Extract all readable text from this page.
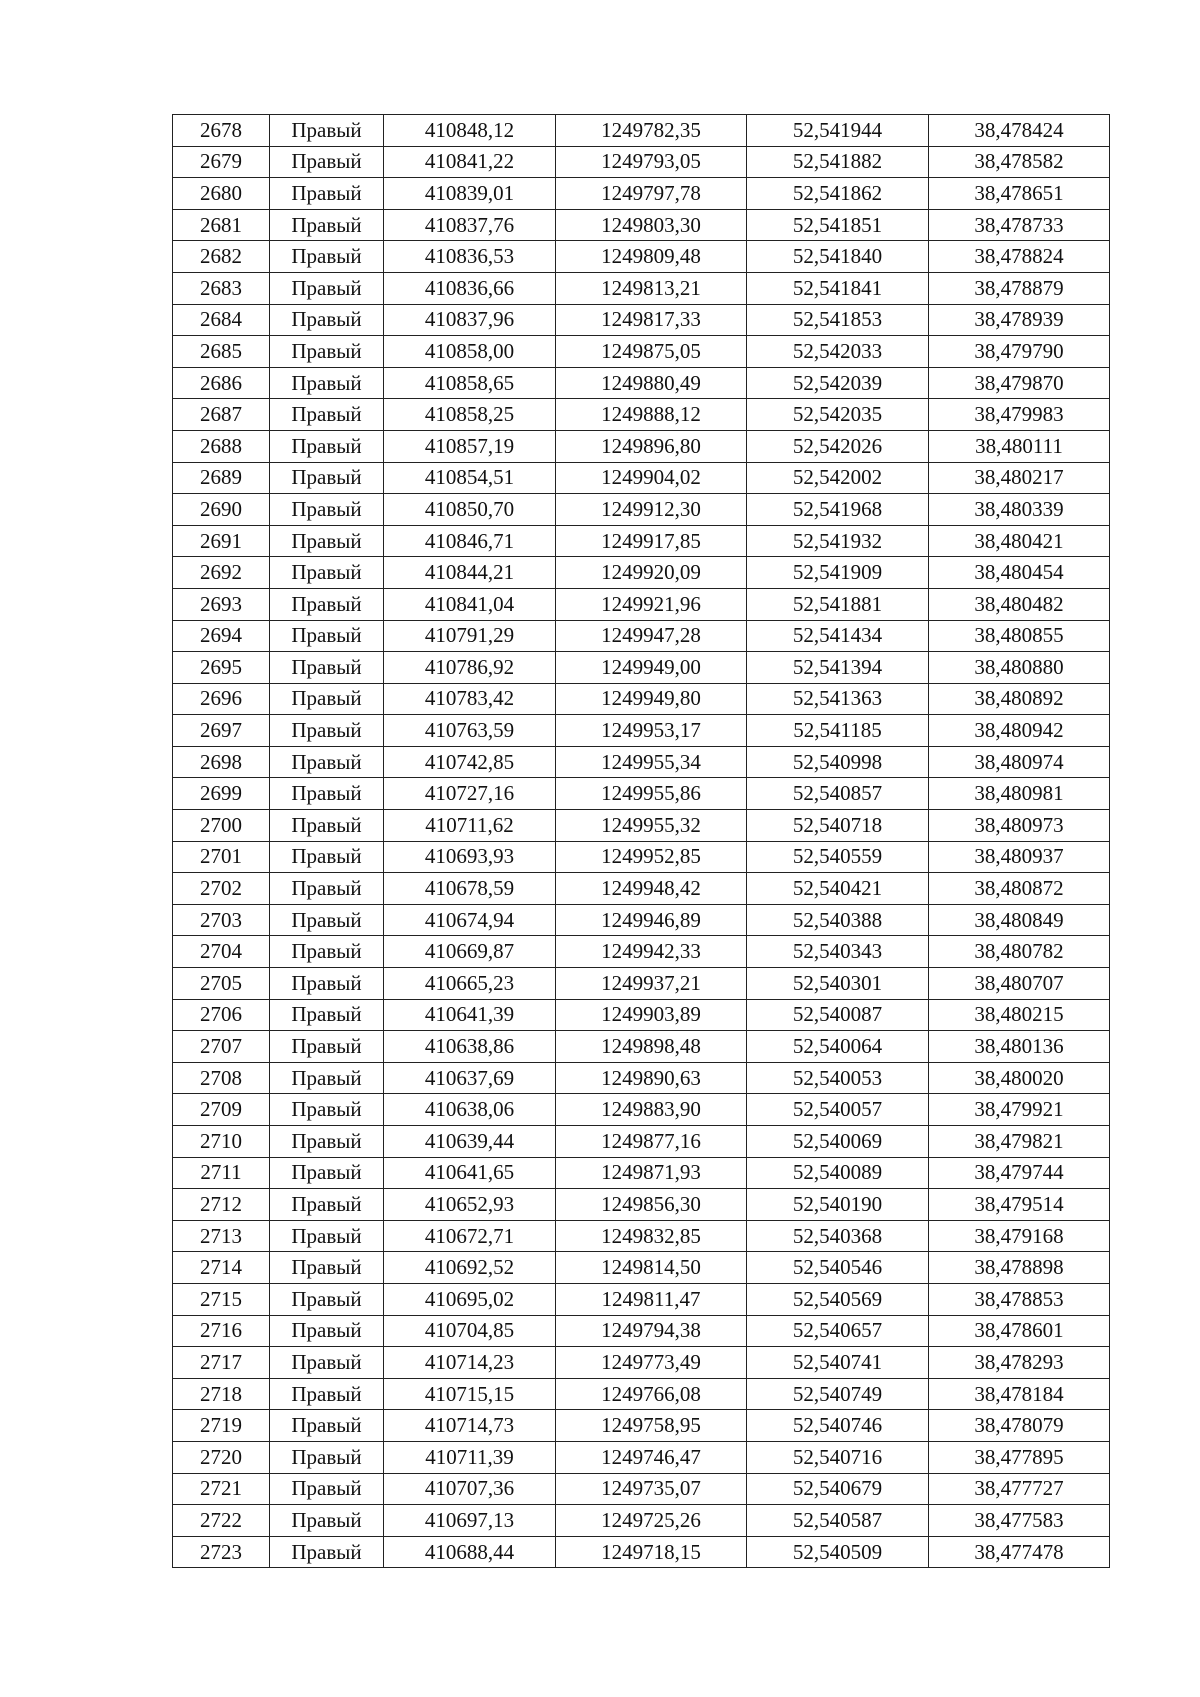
2678	Правый	410848,12	1249782,35	52,541944	38,478424
2679	Правый	410841,22	1249793,05	52,541882	38,478582
2680	Правый	410839,01	1249797,78	52,541862	38,478651
2681	Правый	410837,76	1249803,30	52,541851	38,478733
2682	Правый	410836,53	1249809,48	52,541840	38,478824
2683	Правый	410836,66	1249813,21	52,541841	38,478879
2684	Правый	410837,96	1249817,33	52,541853	38,478939
2685	Правый	410858,00	1249875,05	52,542033	38,479790
2686	Правый	410858,65	1249880,49	52,542039	38,479870
2687	Правый	410858,25	1249888,12	52,542035	38,479983
2688	Правый	410857,19	1249896,80	52,542026	38,480111
2689	Правый	410854,51	1249904,02	52,542002	38,480217
2690	Правый	410850,70	1249912,30	52,541968	38,480339
2691	Правый	410846,71	1249917,85	52,541932	38,480421
2692	Правый	410844,21	1249920,09	52,541909	38,480454
2693	Правый	410841,04	1249921,96	52,541881	38,480482
2694	Правый	410791,29	1249947,28	52,541434	38,480855
2695	Правый	410786,92	1249949,00	52,541394	38,480880
2696	Правый	410783,42	1249949,80	52,541363	38,480892
2697	Правый	410763,59	1249953,17	52,541185	38,480942
2698	Правый	410742,85	1249955,34	52,540998	38,480974
2699	Правый	410727,16	1249955,86	52,540857	38,480981
2700	Правый	410711,62	1249955,32	52,540718	38,480973
2701	Правый	410693,93	1249952,85	52,540559	38,480937
2702	Правый	410678,59	1249948,42	52,540421	38,480872
2703	Правый	410674,94	1249946,89	52,540388	38,480849
2704	Правый	410669,87	1249942,33	52,540343	38,480782
2705	Правый	410665,23	1249937,21	52,540301	38,480707
2706	Правый	410641,39	1249903,89	52,540087	38,480215
2707	Правый	410638,86	1249898,48	52,540064	38,480136
2708	Правый	410637,69	1249890,63	52,540053	38,480020
2709	Правый	410638,06	1249883,90	52,540057	38,479921
2710	Правый	410639,44	1249877,16	52,540069	38,479821
2711	Правый	410641,65	1249871,93	52,540089	38,479744
2712	Правый	410652,93	1249856,30	52,540190	38,479514
2713	Правый	410672,71	1249832,85	52,540368	38,479168
2714	Правый	410692,52	1249814,50	52,540546	38,478898
2715	Правый	410695,02	1249811,47	52,540569	38,478853
2716	Правый	410704,85	1249794,38	52,540657	38,478601
2717	Правый	410714,23	1249773,49	52,540741	38,478293
2718	Правый	410715,15	1249766,08	52,540749	38,478184
2719	Правый	410714,73	1249758,95	52,540746	38,478079
2720	Правый	410711,39	1249746,47	52,540716	38,477895
2721	Правый	410707,36	1249735,07	52,540679	38,477727
2722	Правый	410697,13	1249725,26	52,540587	38,477583
2723	Правый	410688,44	1249718,15	52,540509	38,477478
